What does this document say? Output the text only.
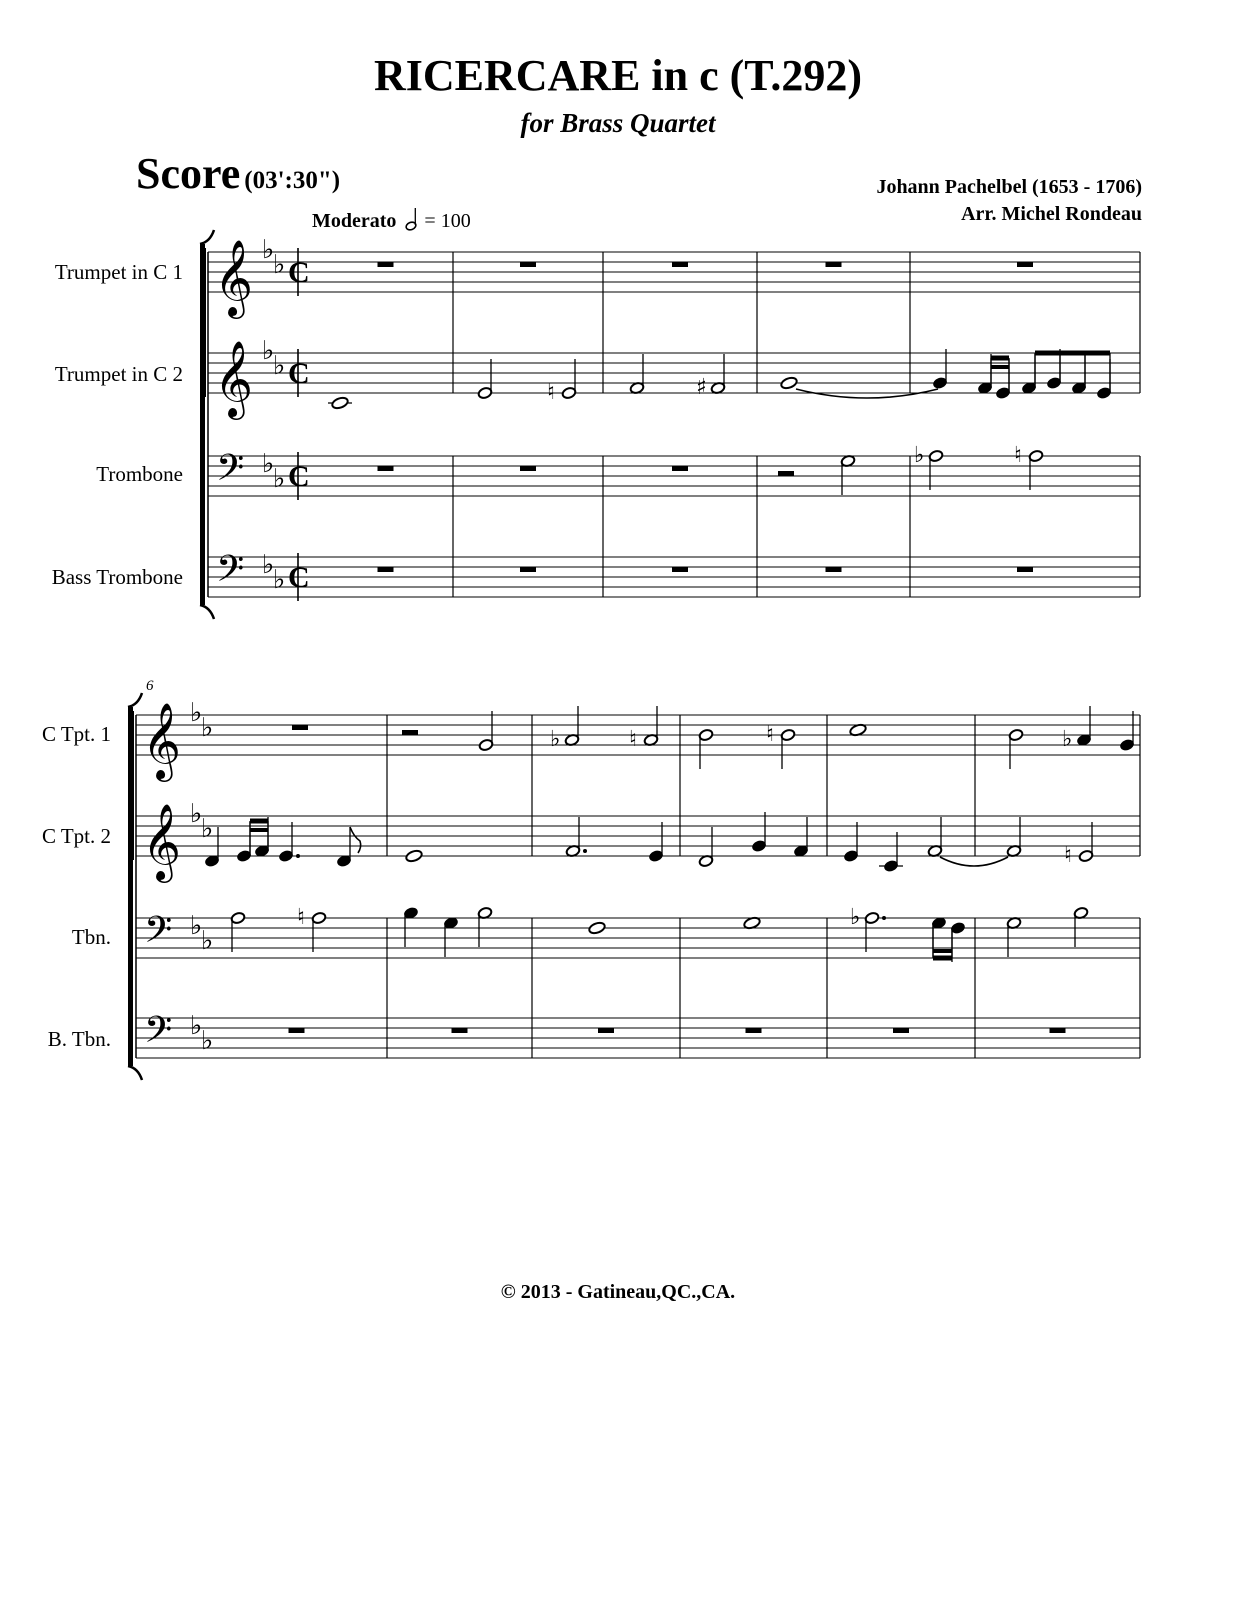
RICERCARE in c (T.292)
for Brass Quartet
Score (03':30")	Johann Pachelbel (1653 - 1706)
Arr. Michel Rondeau
Moderato = 100
Trumpet in C 1
Trumpet in C 2
Trombone
Bass Trombone
C Tpt. 1
C Tpt. 2
Tbn.
B. Tbn.
6
© 2013 - Gatineau,QC.,CA.
𝄞 ♭
♭ C
𝄞 ♭
♭ C
𝄢 ♭
♭ C
𝄢 ♭
♭ C
♭	♮
♮	♯
𝄞 ♭
♭
𝄞 ♭
♭
𝄢 ♭
♭
𝄢 ♭
♭
♭	♮	♮	♭
♮
♮	♭
